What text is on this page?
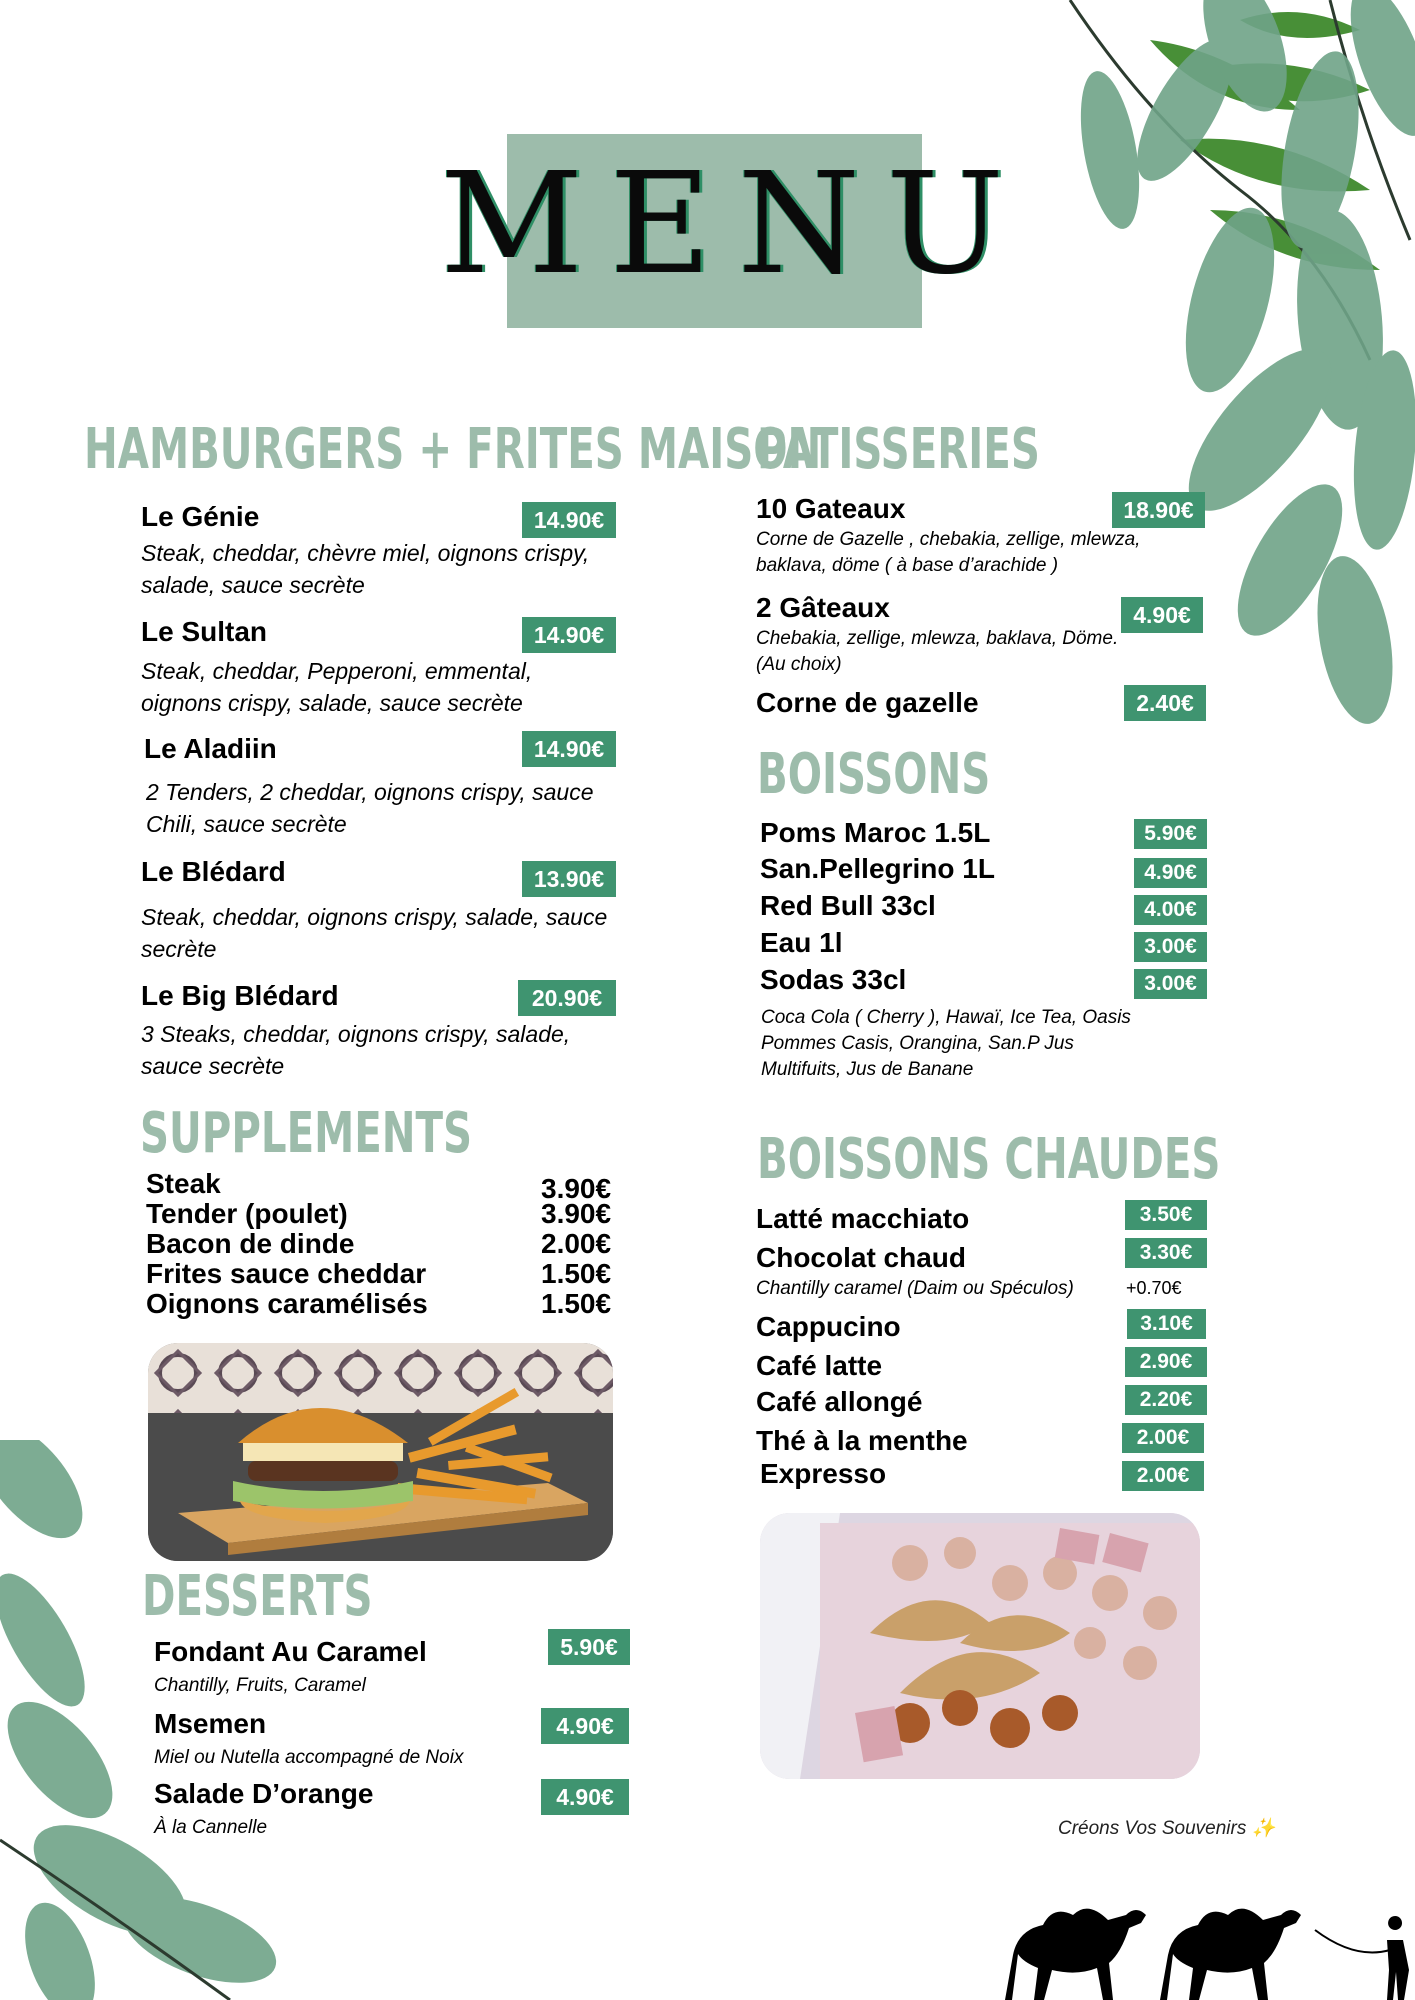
MENU
HAMBURGERS + FRITES MAISON
Le Génie	14.90€
Steak, cheddar, chèvre miel, oignons crispy, salade, sauce secrète
Le Sultan	14.90€
Steak, cheddar, Pepperoni, emmental, oignons crispy, salade, sauce secrète
Le Aladiin	14.90€
2 Tenders, 2 cheddar, oignons crispy, sauce Chili, sauce secrète
Le Blédard	13.90€
Steak, cheddar, oignons crispy, salade, sauce secrète
Le Big Blédard	20.90€
3 Steaks, cheddar, oignons crispy, salade, sauce secrète
SUPPLEMENTS
Steak	3.90€
Tender (poulet)	3.90€
Bacon de dinde	2.00€
Frites sauce cheddar	1.50€
Oignons caramélisés	1.50€
DESSERTS
Fondant Au Caramel	5.90€
Chantilly, Fruits, Caramel
Msemen	4.90€
Miel ou Nutella accompagné de Noix
Salade D’orange	4.90€
À la Cannelle
PATISSERIES
10 Gateaux	18.90€
Corne de Gazelle , chebakia, zellige, mlewza, baklava, döme ( à base d’arachide )
2 Gâteaux	4.90€
Chebakia, zellige, mlewza, baklava, Döme. (Au choix)
Corne de gazelle	2.40€
BOISSONS
Poms Maroc 1.5L	5.90€
San.Pellegrino 1L	4.90€
Red Bull 33cl	4.00€
Eau 1l	3.00€
Sodas 33cl	3.00€
Coca Cola ( Cherry ), Hawaï, Ice Tea, Oasis Pommes Casis, Orangina, San.P Jus Multifuits, Jus de Banane
BOISSONS CHAUDES
Latté macchiato	3.50€
Chocolat chaud	3.30€
Chantilly caramel (Daim ou Spéculos)	+0.70€
Cappucino	3.10€
Café latte	2.90€
Café allongé	2.20€
Thé à la menthe	2.00€
Expresso	2.00€
Créons Vos Souvenirs ✨
